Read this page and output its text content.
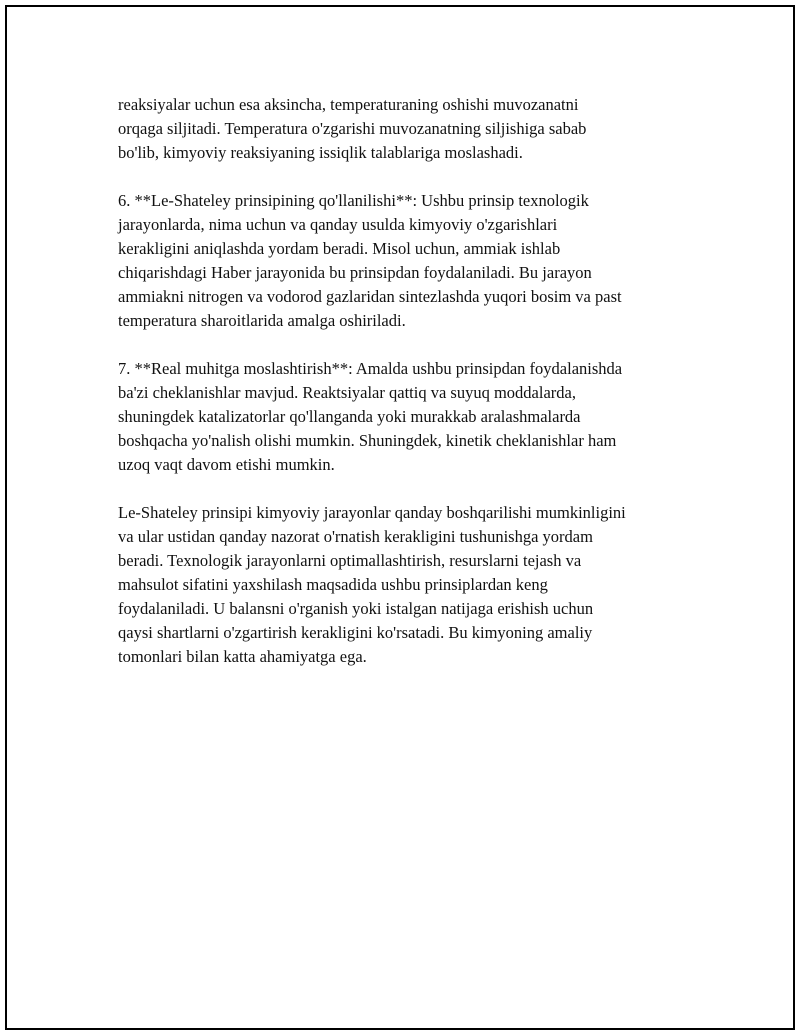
reaksiyalar uchun esa aksincha, temperaturaning oshishi muvozanatni
orqaga siljitadi. Temperatura o'zgarishi muvozanatning siljishiga sabab
bo'lib, kimyoviy reaksiyaning issiqlik talablariga moslashadi.

6. **Le-Shateley prinsipining qo'llanilishi**: Ushbu prinsip texnologik
jarayonlarda, nima uchun va qanday usulda kimyoviy o'zgarishlari
kerakligini aniqlashda yordam beradi. Misol uchun, ammiak ishlab
chiqarishdagi Haber jarayonida bu prinsipdan foydalaniladi. Bu jarayon
ammiakni nitrogen va vodorod gazlaridan sintezlashda yuqori bosim va past
temperatura sharoitlarida amalga oshiriladi.

7. **Real muhitga moslashtirish**: Amalda ushbu prinsipdan foydalanishda
ba'zi cheklanishlar mavjud. Reaktsiyalar qattiq va suyuq moddalarda,
shuningdek katalizatorlar qo'llanganda yoki murakkab aralashmalarda
boshqacha yo'nalish olishi mumkin. Shuningdek, kinetik cheklanishlar ham
uzoq vaqt davom etishi mumkin.

Le-Shateley prinsipi kimyoviy jarayonlar qanday boshqarilishi mumkinligini
va ular ustidan qanday nazorat o'rnatish kerakligini tushunishga yordam
beradi. Texnologik jarayonlarni optimallashtirish, resurslarni tejash va
mahsulot sifatini yaxshilash maqsadida ushbu prinsiplardan keng
foydalaniladi. U balansni o'rganish yoki istalgan natijaga erishish uchun
qaysi shartlarni o'zgartirish kerakligini ko'rsatadi. Bu kimyoning amaliy
tomonlari bilan katta ahamiyatga ega.
